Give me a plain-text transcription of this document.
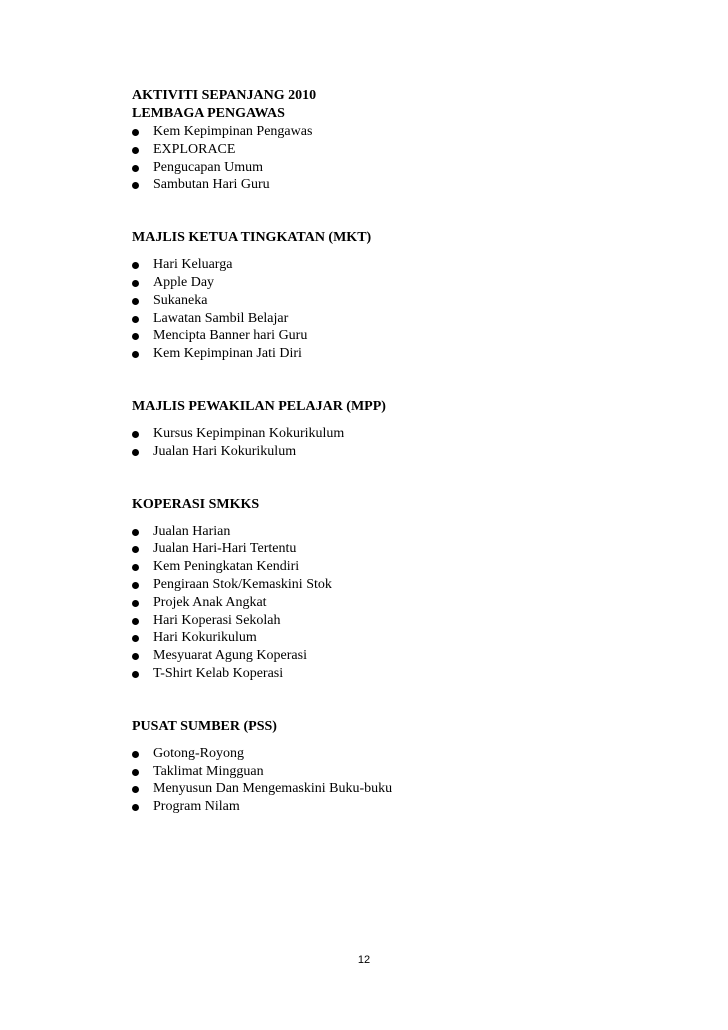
AKTIVITI SEPANJANG 2010
LEMBAGA PENGAWAS
Kem Kepimpinan Pengawas
EXPLORACE
Pengucapan Umum
Sambutan Hari Guru
MAJLIS KETUA TINGKATAN (MKT)
Hari Keluarga
Apple Day
Sukaneka
Lawatan Sambil Belajar
Mencipta Banner hari Guru
Kem Kepimpinan Jati Diri
MAJLIS PEWAKILAN PELAJAR (MPP)
Kursus Kepimpinan Kokurikulum
Jualan Hari Kokurikulum
KOPERASI SMKKS
Jualan Harian
Jualan Hari-Hari Tertentu
Kem Peningkatan Kendiri
Pengiraan Stok/Kemaskini Stok
Projek Anak Angkat
Hari Koperasi Sekolah
Hari Kokurikulum
Mesyuarat Agung Koperasi
T-Shirt Kelab Koperasi
PUSAT SUMBER (PSS)
Gotong-Royong
Taklimat Mingguan
Menyusun Dan Mengemaskini Buku-buku
Program Nilam
12
